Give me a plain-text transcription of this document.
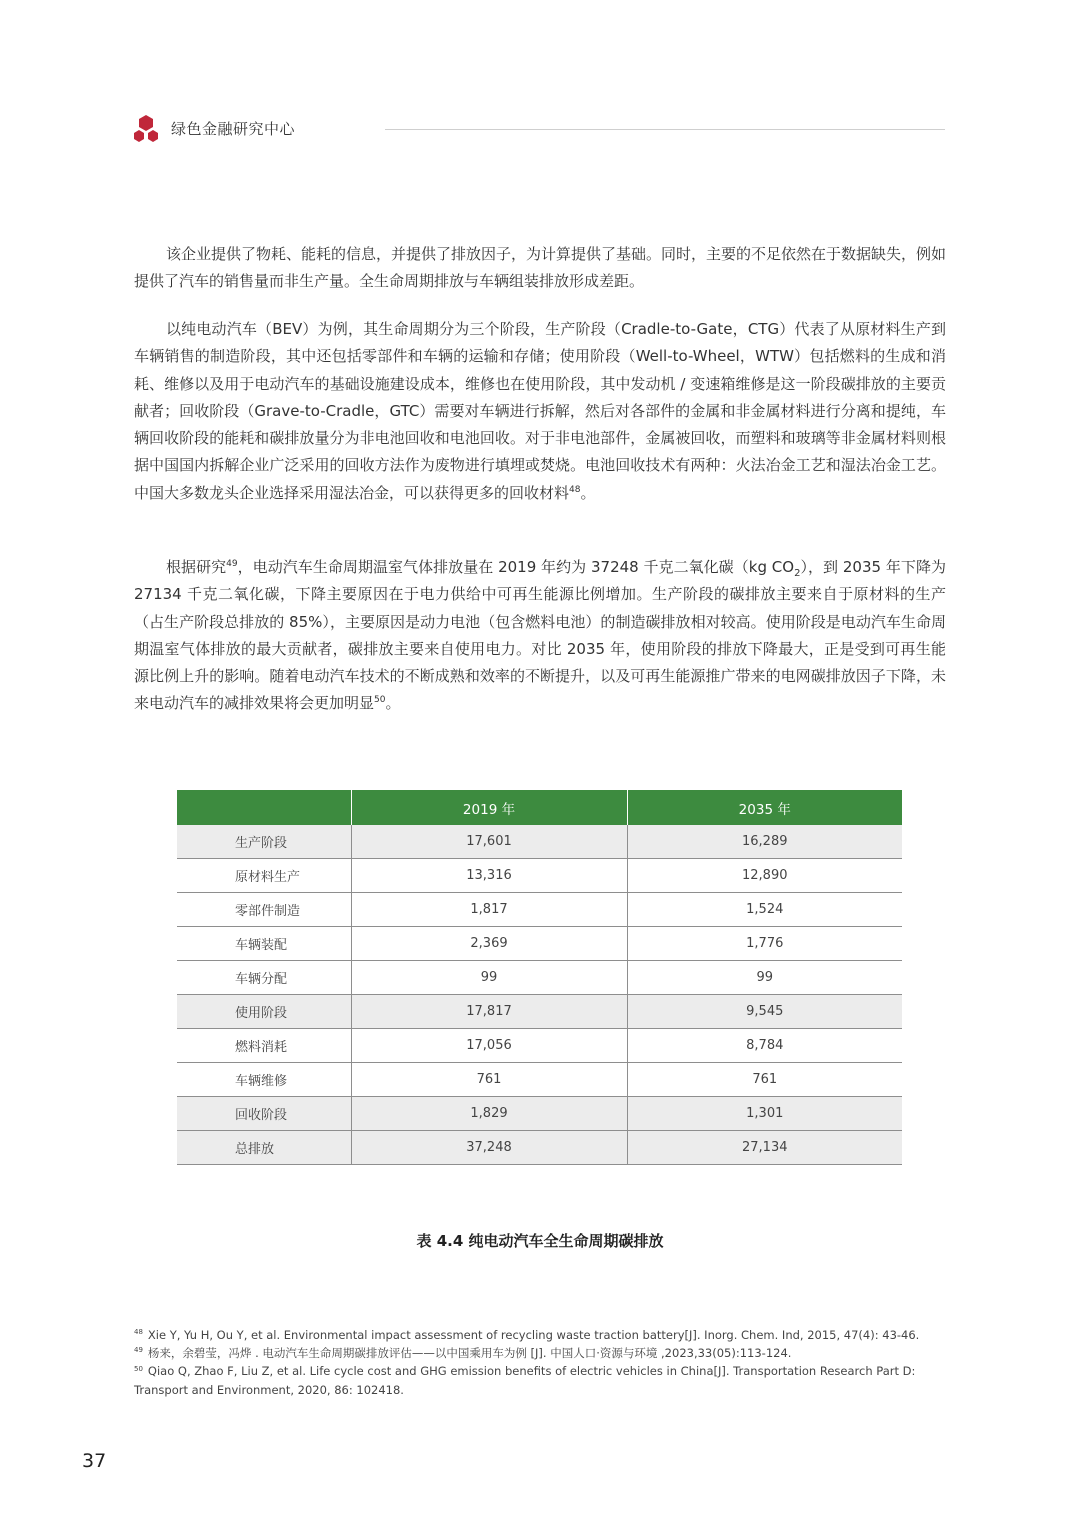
绿色金融研究中心

该企业提供了物耗、能耗的信息，并提供了排放因子，为计算提供了基础。同时，主要的不足依然在于数据缺失，例如提供了汽车的销售量而非生产量。全生命周期排放与车辆组装排放形成差距。

以纯电动汽车（BEV）为例，其生命周期分为三个阶段，生产阶段（Cradle-to-Gate，CTG）代表了从原材料生产到车辆销售的制造阶段，其中还包括零部件和车辆的运输和存储；使用阶段（Well-to-Wheel，WTW）包括燃料的生成和消耗、维修以及用于电动汽车的基础设施建设成本，维修也在使用阶段，其中发动机 / 变速箱维修是这一阶段碳排放的主要贡献者；回收阶段（Grave-to-Cradle，GTC）需要对车辆进行拆解，然后对各部件的金属和非金属材料进行分离和提纯，车辆回收阶段的能耗和碳排放量分为非电池回收和电池回收。对于非电池部件，金属被回收，而塑料和玻璃等非金属材料则根据中国国内拆解企业广泛采用的回收方法作为废物进行填埋或焚烧。电池回收技术有两种：火法冶金工艺和湿法冶金工艺。中国大多数龙头企业选择采用湿法冶金，可以获得更多的回收材料$^{48}$。

根据研究$^{49}$，电动汽车生命周期温室气体排放量在 2019 年约为 37248 千克二氧化碳（kg $CO_2$），到 2035 年下降为 27134 千克二氧化碳，下降主要原因在于电力供给中可再生能源比例增加。生产阶段的碳排放主要来自于原材料的生产（占生产阶段总排放的 85%），主要原因是动力电池（包含燃料电池）的制造碳排放相对较高。使用阶段是电动汽车生命周期温室气体排放的最大贡献者，碳排放主要来自使用电力。对比 2035 年，使用阶段的排放下降最大，正是受到可再生能源比例上升的影响。随着电动汽车技术的不断成熟和效率的不断提升，以及可再生能源推广带来的电网碳排放因子下降，未来电动汽车的减排效果将会更加明显$^{50}$。

	2019 年	2035 年
生产阶段	17,601	16,289
原材料生产	13,316	12,890
零部件制造	1,817	1,524
车辆装配	2,369	1,776
车辆分配	99	99
使用阶段	17,817	9,545
燃料消耗	17,056	8,784
车辆维修	761	761
回收阶段	1,829	1,301
总排放	37,248	27,134
表 4.4 纯电动汽车全生命周期碳排放

$^{48}$ Xie Y, Yu H, Ou Y, et al. Environmental impact assessment of recycling waste traction battery[J]. Inorg. Chem. Ind, 2015, 47(4): 43-46.

$^{49}$ 杨来，余碧莹，冯烨 . 电动汽车生命周期碳排放评估——以中国乘用车为例 [J]. 中国人口·资源与环境 ,2023,33(05):113-124.

$^{50}$ Qiao Q, Zhao F, Liu Z, et al. Life cycle cost and GHG emission benefits of electric vehicles in China[J]. Transportation Research Part D: Transport and Environment, 2020, 86: 102418.

37
